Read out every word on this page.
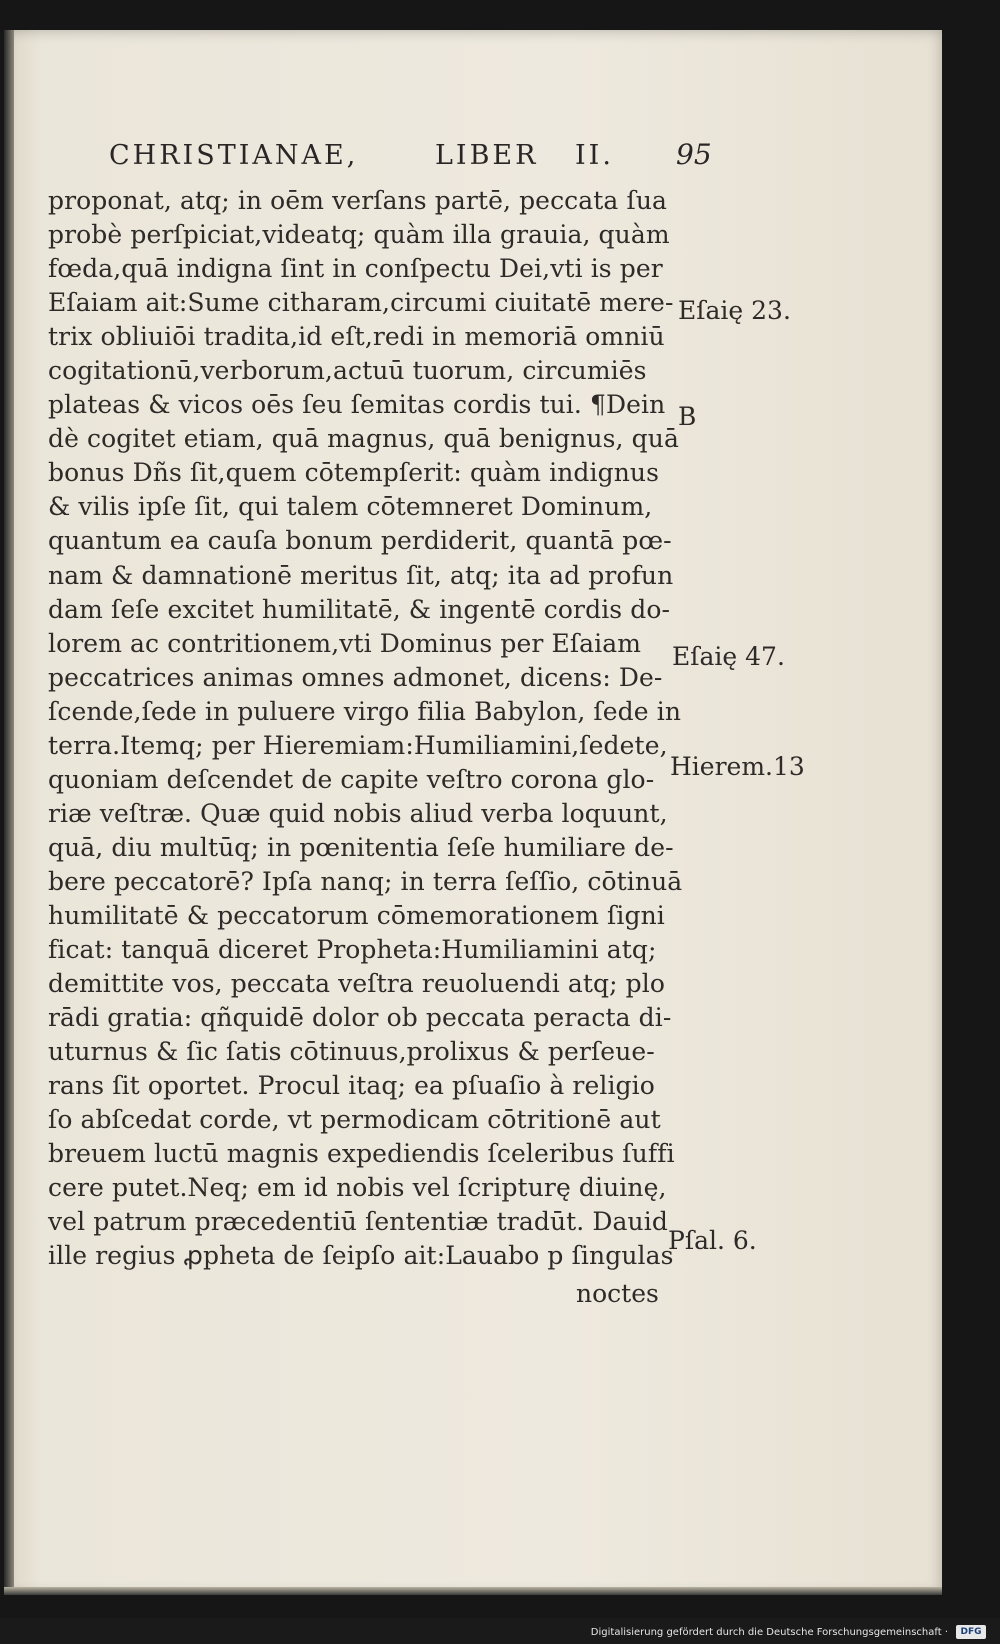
CHRISTIANAE,	LIBER II. 95
proponat, atq; in oēm verſans partē, peccata ſua
probè perſpiciat,videatq; quàm illa grauia, quàm
fœda,quā indigna ſint in conſpectu Dei,vti is per
Eſaiam ait:Sume citharam,circumi ciuitatē mere-
trix obliuiōi tradita,id eſt,redi in memoriā omniū
cogitationū,verborum,actuū tuorum, circumiēs
plateas & vicos oēs ſeu ſemitas cordis tui. ¶Dein
dè cogitet etiam, quā magnus, quā benignus, quā
bonus Dñs ſit,quem cōtempſerit: quàm indignus
& vilis ipſe ſit, qui talem cōtemneret Dominum,
quantum ea cauſa bonum perdiderit, quantā pœ-
nam & damnationē meritus ſit, atq; ita ad profun
dam ſeſe excitet humilitatē, & ingentē cordis do-
lorem ac contritionem,vti Dominus per Eſaiam
peccatrices animas omnes admonet, dicens: De-
ſcende,ſede in puluere virgo filia Babylon, ſede in
terra.Itemq; per Hieremiam:Humiliamini,ſedete,
quoniam deſcendet de capite veſtro corona glo-
riæ veſtræ. Quæ quid nobis aliud verba loquunt,
quā, diu multūq; in pœnitentia ſeſe humiliare de-
bere peccatorē? Ipſa nanq; in terra ſeſſio, cōtinuā
humilitatē & peccatorum cōmemorationem ſigni
ficat: tanquā diceret Propheta:Humiliamini atq;
demittite vos, peccata veſtra reuoluendi atq; plo
rādi gratia: qñquidē dolor ob peccata peracta di-
uturnus & ſic ſatis cōtinuus,prolixus & perſeue-
rans ſit oportet. Procul itaq; ea pſuaſio à religio
ſo abſcedat corde, vt permodicam cōtritionē aut
breuem luctū magnis expediendis ſceleribus ſuffi
cere putet.Neq; em id nobis vel ſcripturę diuinę,
vel patrum præcedentiū ſententiæ tradūt. Dauid
ille regius ꝓpheta de ſeipſo ait:Lauabo p ſingulas
noctes
Eſaię 23.
B
Eſaię 47.
Hierem.13
Pſal. 6.
Digitalisierung gefördert durch die Deutsche Forschungsgemeinschaft ·	DFG
